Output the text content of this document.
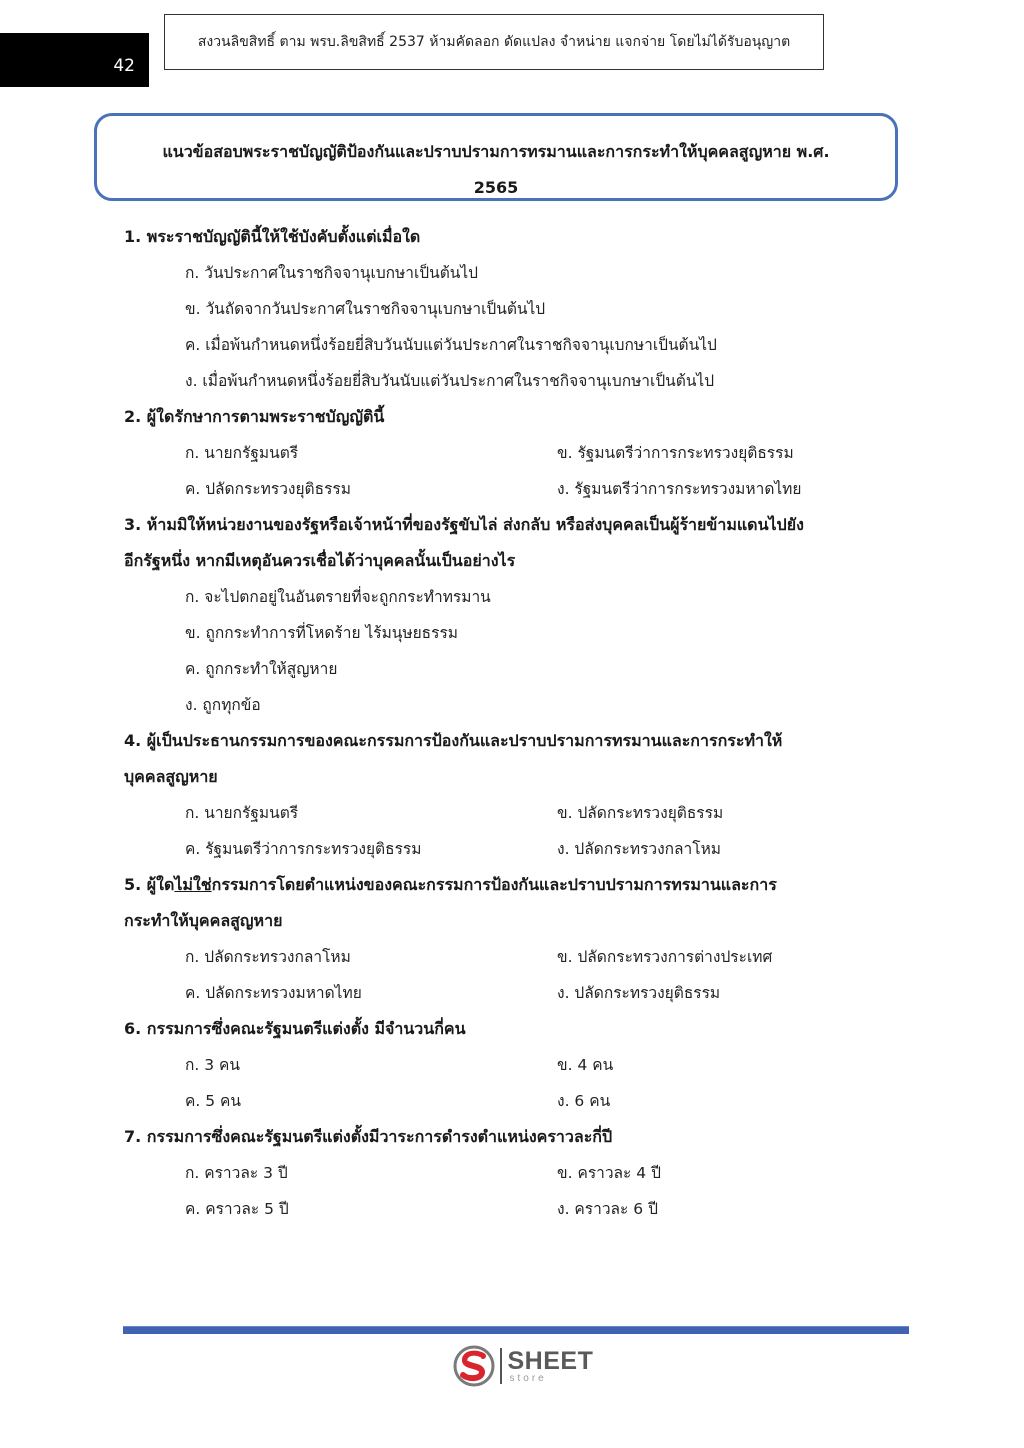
42
สงวนลิขสิทธิ์ ตาม พรบ.ลิขสิทธิ์ 2537 ห้ามคัดลอก ดัดแปลง จำหน่าย แจกจ่าย โดยไม่ได้รับอนุญาต
แนวข้อสอบพระราชบัญญัติป้องกันและปราบปรามการทรมานและการกระทำให้บุคคลสูญหาย พ.ศ.
2565
1. พระราชบัญญัตินี้ให้ใช้บังคับตั้งแต่เมื่อใด
ก. วันประกาศในราชกิจจานุเบกษาเป็นต้นไป
ข. วันถัดจากวันประกาศในราชกิจจานุเบกษาเป็นต้นไป
ค. เมื่อพ้นกำหนดหนึ่งร้อยยี่สิบวันนับแต่วันประกาศในราชกิจจานุเบกษาเป็นต้นไป
ง. เมื่อพ้นกำหนดหนึ่งร้อยยี่สิบวันนับแต่วันประกาศในราชกิจจานุเบกษาเป็นต้นไป
2. ผู้ใดรักษาการตามพระราชบัญญัตินี้
ก. นายกรัฐมนตรี	ข. รัฐมนตรีว่าการกระทรวงยุติธรรม
ค. ปลัดกระทรวงยุติธรรม	ง. รัฐมนตรีว่าการกระทรวงมหาดไทย
3. ห้ามมิให้หน่วยงานของรัฐหรือเจ้าหน้าที่ของรัฐขับไล่ ส่งกลับ หรือส่งบุคคลเป็นผู้ร้ายข้ามแดนไปยัง
อีกรัฐหนึ่ง หากมีเหตุอันควรเชื่อได้ว่าบุคคลนั้นเป็นอย่างไร
ก. จะไปตกอยู่ในอันตรายที่จะถูกกระทำทรมาน
ข. ถูกกระทำการที่โหดร้าย ไร้มนุษยธรรม
ค. ถูกกระทำให้สูญหาย
ง. ถูกทุกข้อ
4. ผู้เป็นประธานกรรมการของคณะกรรมการป้องกันและปราบปรามการทรมานและการกระทำให้
บุคคลสูญหาย
ก. นายกรัฐมนตรี	ข. ปลัดกระทรวงยุติธรรม
ค. รัฐมนตรีว่าการกระทรวงยุติธรรม	ง. ปลัดกระทรวงกลาโหม
5. ผู้ใดไม่ใช่กรรมการโดยตำแหน่งของคณะกรรมการป้องกันและปราบปรามการทรมานและการ
กระทำให้บุคคลสูญหาย
ก. ปลัดกระทรวงกลาโหม	ข. ปลัดกระทรวงการต่างประเทศ
ค. ปลัดกระทรวงมหาดไทย	ง. ปลัดกระทรวงยุติธรรม
6. กรรมการซึ่งคณะรัฐมนตรีแต่งตั้ง มีจำนวนกี่คน
ก. 3 คน	ข. 4 คน
ค. 5 คน	ง. 6 คน
7. กรรมการซึ่งคณะรัฐมนตรีแต่งตั้งมีวาระการดำรงตำแหน่งคราวละกี่ปี
ก. คราวละ 3 ปี	ข. คราวละ 4 ปี
ค. คราวละ 5 ปี	ง. คราวละ 6 ปี
SHEET
store
